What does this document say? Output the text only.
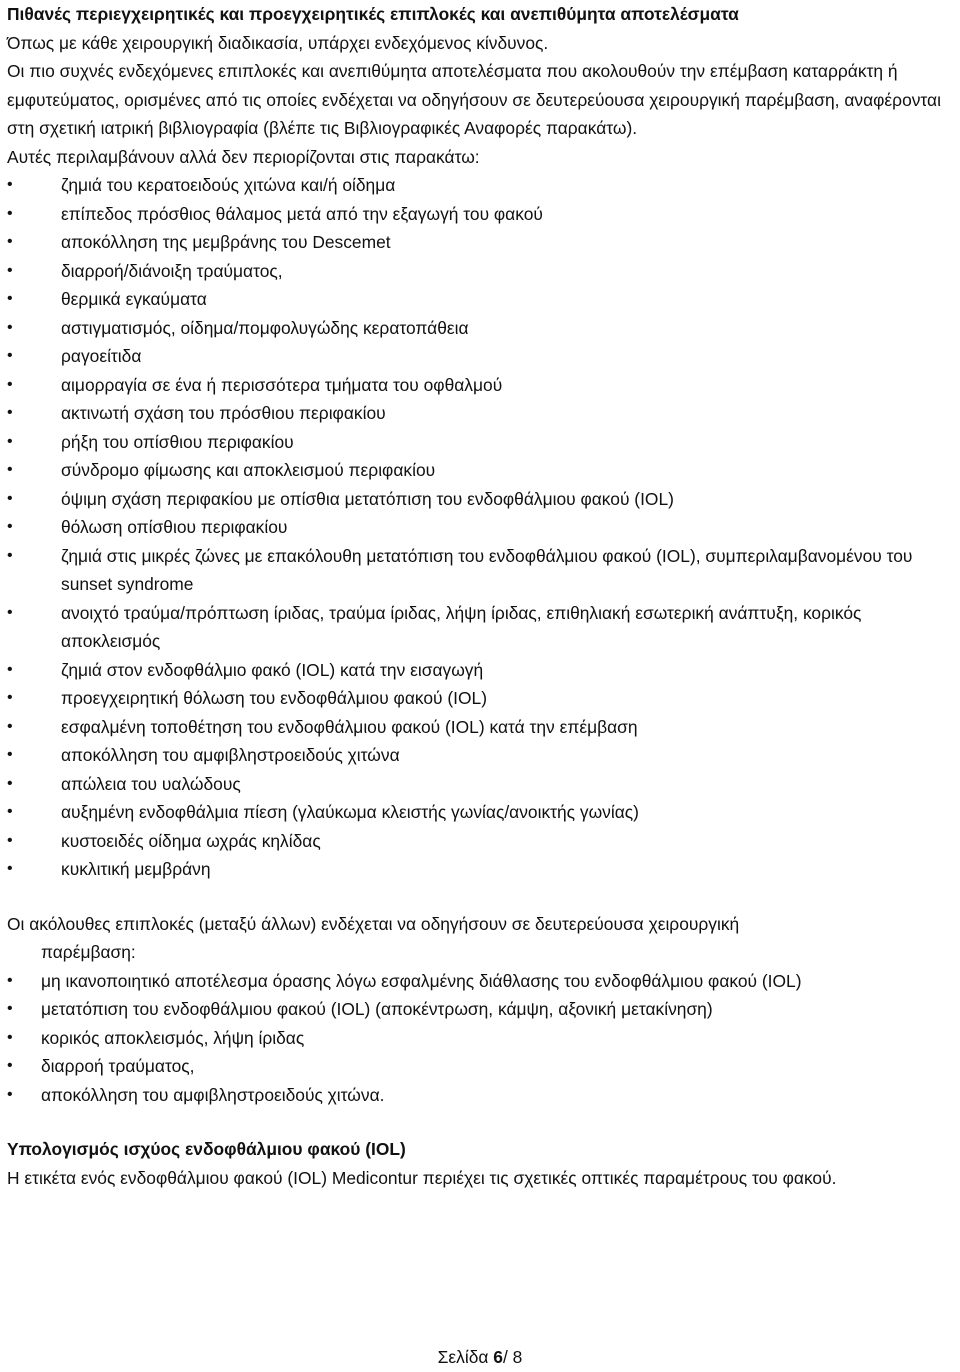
Πιθανές περιεγχειρητικές και προεγχειρητικές επιπλοκές και ανεπιθύμητα αποτελέσματα
Όπως με κάθε χειρουργική διαδικασία, υπάρχει ενδεχόμενος κίνδυνος.
Οι πιο συχνές ενδεχόμενες επιπλοκές και ανεπιθύμητα αποτελέσματα που ακολουθούν την επέμβαση καταρράκτη ή εμφυτεύματος, ορισμένες από τις οποίες ενδέχεται να οδηγήσουν σε δευτερεύουσα χειρουργική παρέμβαση, αναφέρονται στη σχετική ιατρική βιβλιογραφία (βλέπε τις Βιβλιογραφικές Αναφορές παρακάτω).
Αυτές περιλαμβάνουν αλλά δεν περιορίζονται στις παρακάτω:
•	ζημιά του κερατοειδούς χιτώνα και/ή οίδημα
•	επίπεδος πρόσθιος θάλαμος μετά από την εξαγωγή του φακού
•	αποκόλληση της μεμβράνης του Descemet
•	διαρροή/διάνοιξη τραύματος,
•	θερμικά εγκαύματα
•	αστιγματισμός, οίδημα/πομφολυγώδης κερατοπάθεια
•	ραγοείτιδα
•	αιμορραγία σε ένα ή περισσότερα τμήματα του οφθαλμού
•	ακτινωτή σχάση του πρόσθιου περιφακίου
•	ρήξη του οπίσθιου περιφακίου
•	σύνδρομο φίμωσης και αποκλεισμού περιφακίου
•	όψιμη σχάση περιφακίου με οπίσθια μετατόπιση του ενδοφθάλμιου φακού (IOL)
•	θόλωση οπίσθιου περιφακίου
•	ζημιά στις μικρές ζώνες με επακόλουθη μετατόπιση του ενδοφθάλμιου φακού (IOL), συμπεριλαμβανομένου του sunset syndrome
•	ανοιχτό τραύμα/πρόπτωση ίριδας, τραύμα ίριδας, λήψη ίριδας, επιθηλιακή εσωτερική ανάπτυξη, κορικός αποκλεισμός
•	ζημιά στον ενδοφθάλμιο φακό (IOL) κατά την εισαγωγή
•	προεγχειρητική θόλωση του ενδοφθάλμιου φακού (IOL)
•	εσφαλμένη τοποθέτηση του ενδοφθάλμιου φακού (IOL) κατά την επέμβαση
•	αποκόλληση του αμφιβληστροειδούς χιτώνα
•	απώλεια του υαλώδους
•	αυξημένη ενδοφθάλμια πίεση (γλαύκωμα κλειστής γωνίας/ανοικτής γωνίας)
•	κυστοειδές οίδημα ωχράς κηλίδας
•	κυκλιτική μεμβράνη
Οι ακόλουθες επιπλοκές (μεταξύ άλλων) ενδέχεται να οδηγήσουν σε δευτερεύουσα χειρουργική
παρέμβαση:
•	μη ικανοποιητικό αποτέλεσμα όρασης λόγω εσφαλμένης διάθλασης του ενδοφθάλμιου φακού (IOL)
•	μετατόπιση του ενδοφθάλμιου φακού (IOL) (αποκέντρωση, κάμψη, αξονική μετακίνηση)
•	κορικός αποκλεισμός, λήψη ίριδας
•	διαρροή τραύματος,
•	αποκόλληση του αμφιβληστροειδούς χιτώνα.
Υπολογισμός ισχύος ενδοφθάλμιου φακού (IOL)
Η ετικέτα ενός ενδοφθάλμιου φακού (IOL) Medicontur περιέχει τις σχετικές οπτικές παραμέτρους του φακού.
Σελίδα 6/ 8
